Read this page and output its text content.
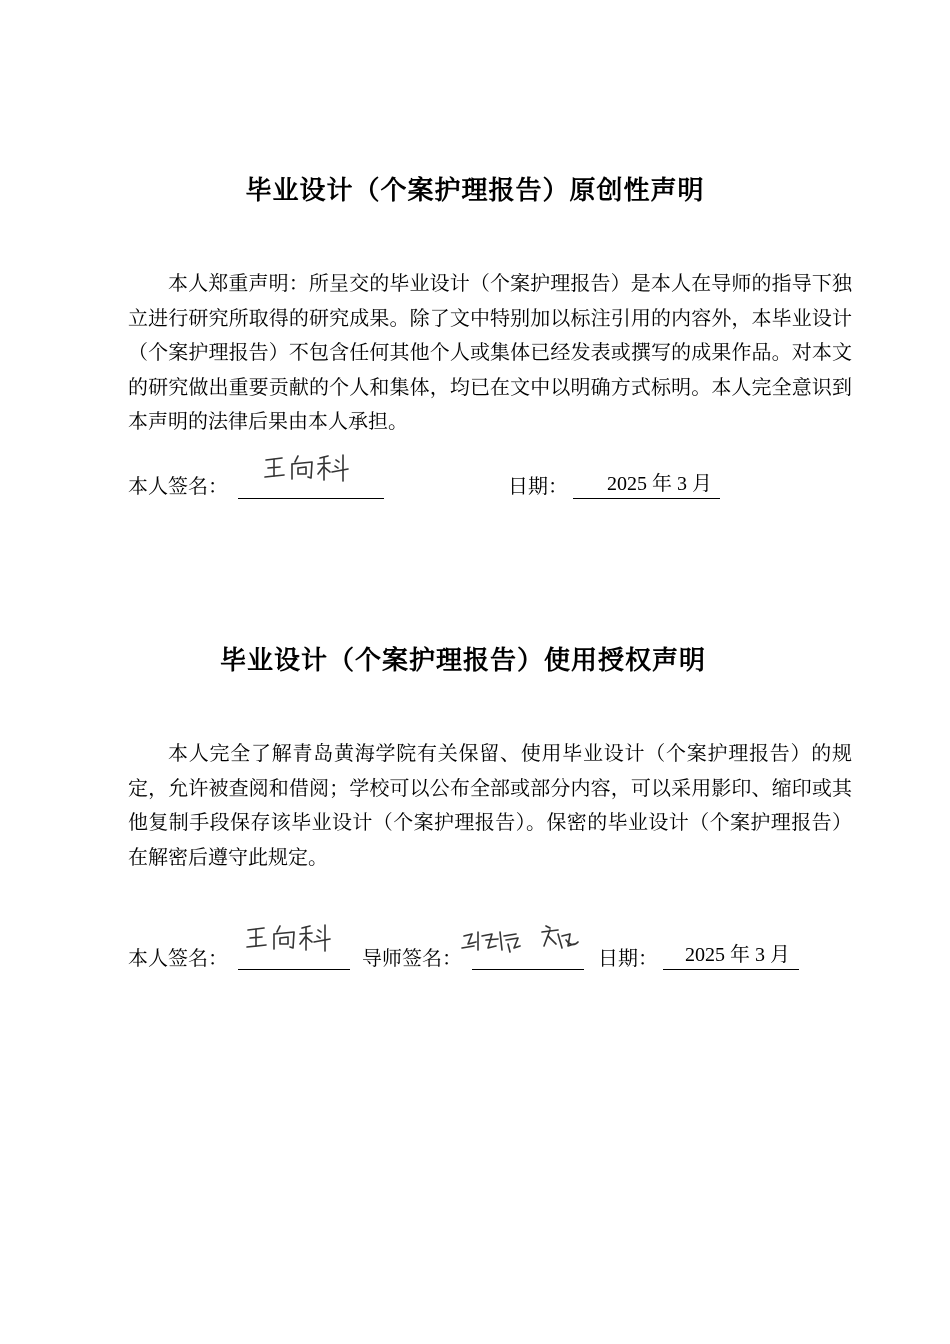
毕业设计（个案护理报告）原创性声明

本人郑重声明：所呈交的毕业设计（个案护理报告）是本人在导师的指导下独立进行研究所取得的研究成果。除了文中特别加以标注引用的内容外，本毕业设计（个案护理报告）不包含任何其他个人或集体已经发表或撰写的成果作品。对本文的研究做出重要贡献的个人和集体，均已在文中以明确方式标明。本人完全意识到本声明的法律后果由本人承担。

本人签名：	日期：	2025 年 3 月
毕业设计（个案护理报告）使用授权声明

本人完全了解青岛黄海学院有关保留、使用毕业设计（个案护理报告）的规定，允许被查阅和借阅；学校可以公布全部或部分内容，可以采用影印、缩印或其他复制手段保存该毕业设计（个案护理报告）。保密的毕业设计（个案护理报告）在解密后遵守此规定。

本人签名：	导师签名：	日期：	2025 年 3 月
